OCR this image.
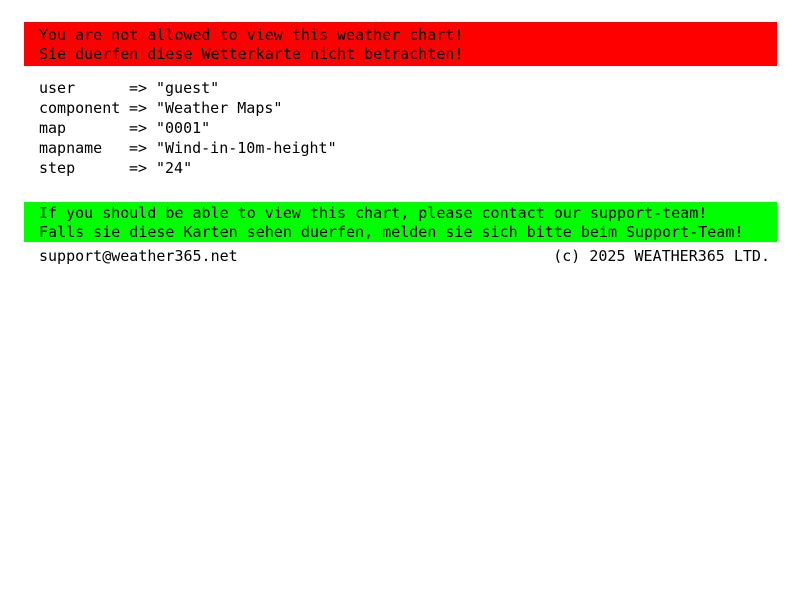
You are not allowed to view this weather chart!
Sie duerfen diese Wetterkarte nicht betrachten!
user	=> "guest"
component => "Weather Maps"
map	=> "0001"
mapname => "Wind-in-10m-height"
step	=> "24"
If you should be able to view this chart, please contact our support-team!
Falls sie diese Karten sehen duerfen, melden sie sich bitte beim Support-Team!
support@weather365.net	(c) 2025 WEATHER365 LTD.
